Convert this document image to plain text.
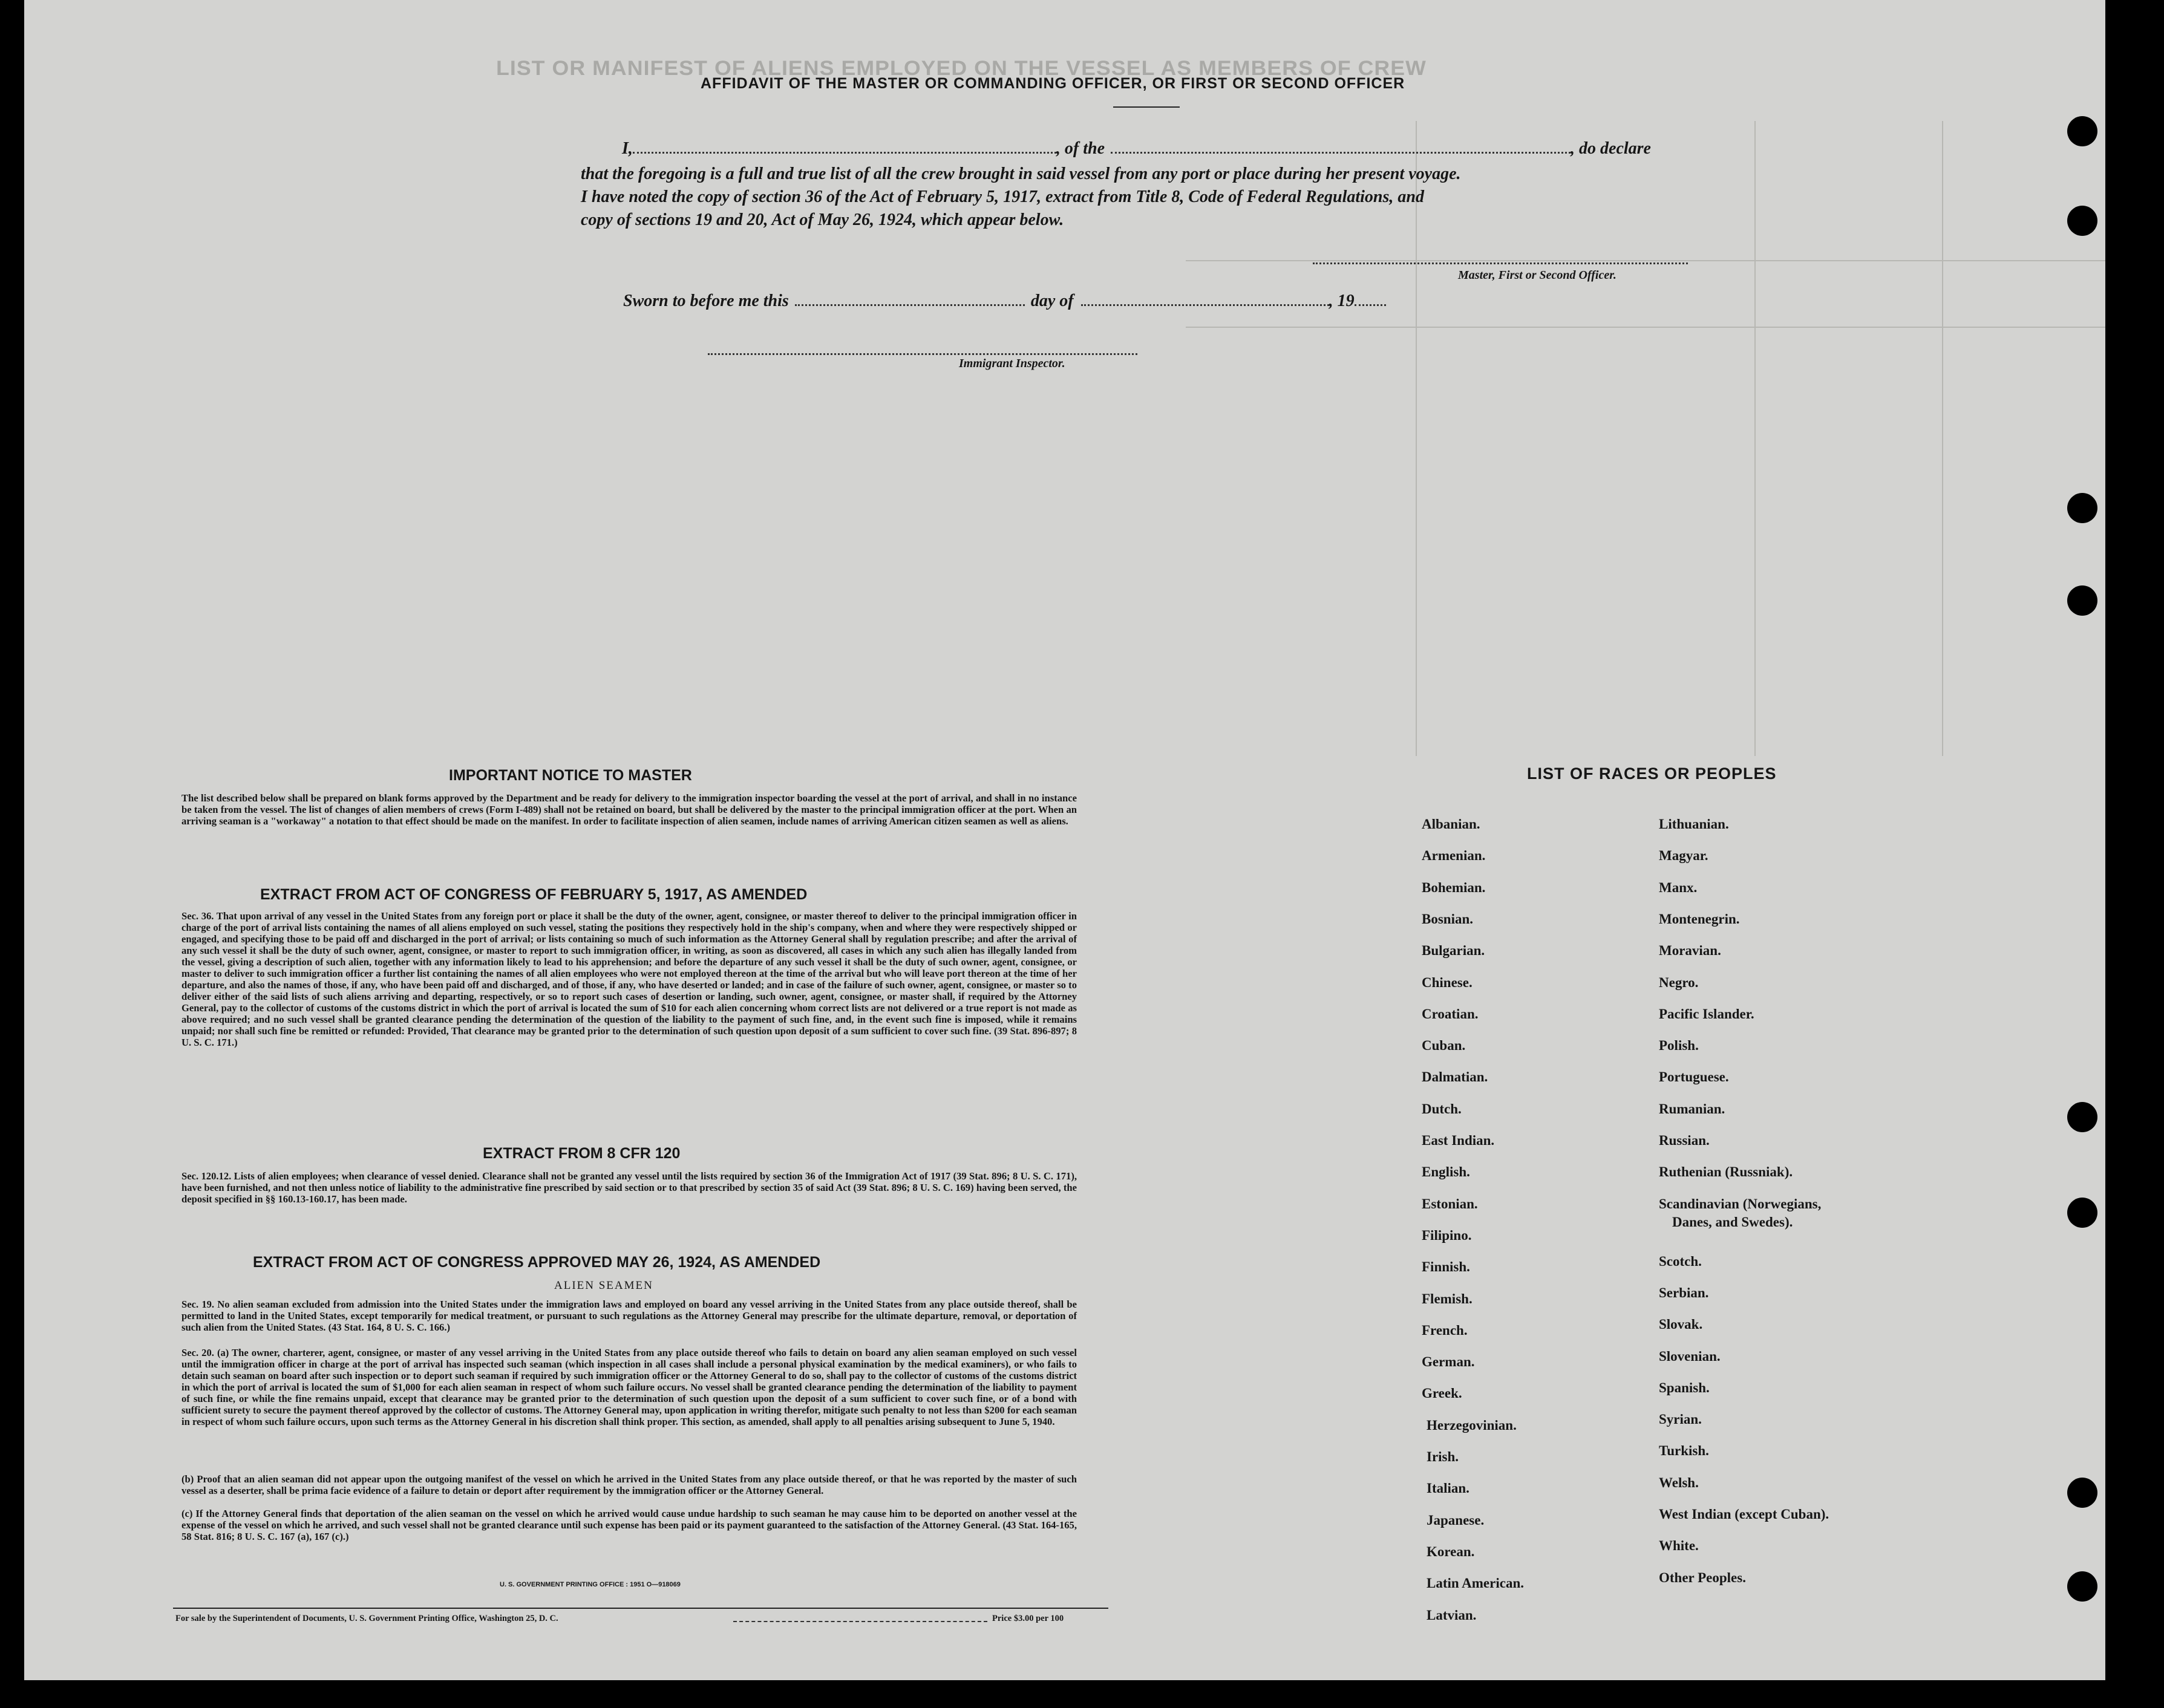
LIST OR MANIFEST OF ALIENS EMPLOYED ON THE VESSEL AS MEMBERS OF CREW
AFFIDAVIT OF THE MASTER OR COMMANDING OFFICER, OR FIRST OR SECOND OFFICER
I,	, of the	, do declare
that the foregoing is a full and true list of all the crew brought in said vessel from any port or place during her present voyage.
I have noted the copy of section 36 of the Act of February 5, 1917, extract from Title 8, Code of Federal Regulations, and
copy of sections 19 and 20, Act of May 26, 1924, which appear below.
Master, First or Second Officer.
Sworn to before me this	day of	, 19
Immigrant Inspector.
IMPORTANT NOTICE TO MASTER
The list described below shall be prepared on blank forms approved by the Department and be ready for delivery to the immigration inspector boarding the vessel at the port of arrival, and shall in no instance be taken from the vessel. The list of changes of alien members of crews (Form I-489) shall not be retained on board, but shall be delivered by the master to the principal immigration officer at the port. When an arriving seaman is a "workaway" a notation to that effect should be made on the manifest. In order to facilitate inspection of alien seamen, include names of arriving American citizen seamen as well as aliens.
EXTRACT FROM ACT OF CONGRESS OF FEBRUARY 5, 1917, AS AMENDED
Sec. 36. That upon arrival of any vessel in the United States from any foreign port or place it shall be the duty of the owner, agent, consignee, or master thereof to deliver to the principal immigration officer in charge of the port of arrival lists containing the names of all aliens employed on such vessel, stating the positions they respectively hold in the ship's company, when and where they were respectively shipped or engaged, and specifying those to be paid off and discharged in the port of arrival; or lists containing so much of such information as the Attorney General shall by regulation prescribe; and after the arrival of any such vessel it shall be the duty of such owner, agent, consignee, or master to report to such immigration officer, in writing, as soon as discovered, all cases in which any such alien has illegally landed from the vessel, giving a description of such alien, together with any information likely to lead to his apprehension; and before the departure of any such vessel it shall be the duty of such owner, agent, consignee, or master to deliver to such immigration officer a further list containing the names of all alien employees who were not employed thereon at the time of the arrival but who will leave port thereon at the time of her departure, and also the names of those, if any, who have been paid off and discharged, and of those, if any, who have deserted or landed; and in case of the failure of such owner, agent, consignee, or master so to deliver either of the said lists of such aliens arriving and departing, respectively, or so to report such cases of desertion or landing, such owner, agent, consignee, or master shall, if required by the Attorney General, pay to the collector of customs of the customs district in which the port of arrival is located the sum of $10 for each alien concerning whom correct lists are not delivered or a true report is not made as above required; and no such vessel shall be granted clearance pending the determination of the question of the liability to the payment of such fine, and, in the event such fine is imposed, while it remains unpaid; nor shall such fine be remitted or refunded: Provided, That clearance may be granted prior to the determination of such question upon deposit of a sum sufficient to cover such fine. (39 Stat. 896-897; 8 U. S. C. 171.)
EXTRACT FROM 8 CFR 120
Sec. 120.12. Lists of alien employees; when clearance of vessel denied. Clearance shall not be granted any vessel until the lists required by section 36 of the Immigration Act of 1917 (39 Stat. 896; 8 U. S. C. 171), have been furnished, and not then unless notice of liability to the administrative fine prescribed by said section or to that prescribed by section 35 of said Act (39 Stat. 896; 8 U. S. C. 169) having been served, the deposit specified in §§ 160.13-160.17, has been made.
EXTRACT FROM ACT OF CONGRESS APPROVED MAY 26, 1924, AS AMENDED
ALIEN SEAMEN
Sec. 19. No alien seaman excluded from admission into the United States under the immigration laws and employed on board any vessel arriving in the United States from any place outside thereof, shall be permitted to land in the United States, except temporarily for medical treatment, or pursuant to such regulations as the Attorney General may prescribe for the ultimate departure, removal, or deportation of such alien from the United States. (43 Stat. 164, 8 U. S. C. 166.)
Sec. 20. (a) The owner, charterer, agent, consignee, or master of any vessel arriving in the United States from any place outside thereof who fails to detain on board any alien seaman employed on such vessel until the immigration officer in charge at the port of arrival has inspected such seaman (which inspection in all cases shall include a personal physical examination by the medical examiners), or who fails to detain such seaman on board after such inspection or to deport such seaman if required by such immigration officer or the Attorney General to do so, shall pay to the collector of customs of the customs district in which the port of arrival is located the sum of $1,000 for each alien seaman in respect of whom such failure occurs. No vessel shall be granted clearance pending the determination of the liability to payment of such fine, or while the fine remains unpaid, except that clearance may be granted prior to the determination of such question upon the deposit of a sum sufficient to cover such fine, or of a bond with sufficient surety to secure the payment thereof approved by the collector of customs. The Attorney General may, upon application in writing therefor, mitigate such penalty to not less than $200 for each seaman in respect of whom such failure occurs, upon such terms as the Attorney General in his discretion shall think proper. This section, as amended, shall apply to all penalties arising subsequent to June 5, 1940.
(b) Proof that an alien seaman did not appear upon the outgoing manifest of the vessel on which he arrived in the United States from any place outside thereof, or that he was reported by the master of such vessel as a deserter, shall be prima facie evidence of a failure to detain or deport after requirement by the immigration officer or the Attorney General.
(c) If the Attorney General finds that deportation of the alien seaman on the vessel on which he arrived would cause undue hardship to such seaman he may cause him to be deported on another vessel at the expense of the vessel on which he arrived, and such vessel shall not be granted clearance until such expense has been paid or its payment guaranteed to the satisfaction of the Attorney General. (43 Stat. 164-165, 58 Stat. 816; 8 U. S. C. 167 (a), 167 (c).)
U. S. GOVERNMENT PRINTING OFFICE : 1951 O—918069
For sale by the Superintendent of Documents, U. S. Government Printing Office, Washington 25, D. C.	Price $3.00 per 100
LIST OF RACES OR PEOPLES
Albanian.
Armenian.
Bohemian.
Bosnian.
Bulgarian.
Chinese.
Croatian.
Cuban.
Dalmatian.
Dutch.
East Indian.
English.
Estonian.
Filipino.
Finnish.
Flemish.
French.
German.
Greek.
Herzegovinian.
Irish.
Italian.
Japanese.
Korean.
Latin American.
Latvian.
Lithuanian.
Magyar.
Manx.
Montenegrin.
Moravian.
Negro.
Pacific Islander.
Polish.
Portuguese.
Rumanian.
Russian.
Ruthenian (Russniak).
Scandinavian (Norwegians,
Danes, and Swedes).
Scotch.
Serbian.
Slovak.
Slovenian.
Spanish.
Syrian.
Turkish.
Welsh.
West Indian (except Cuban).
White.
Other Peoples.
